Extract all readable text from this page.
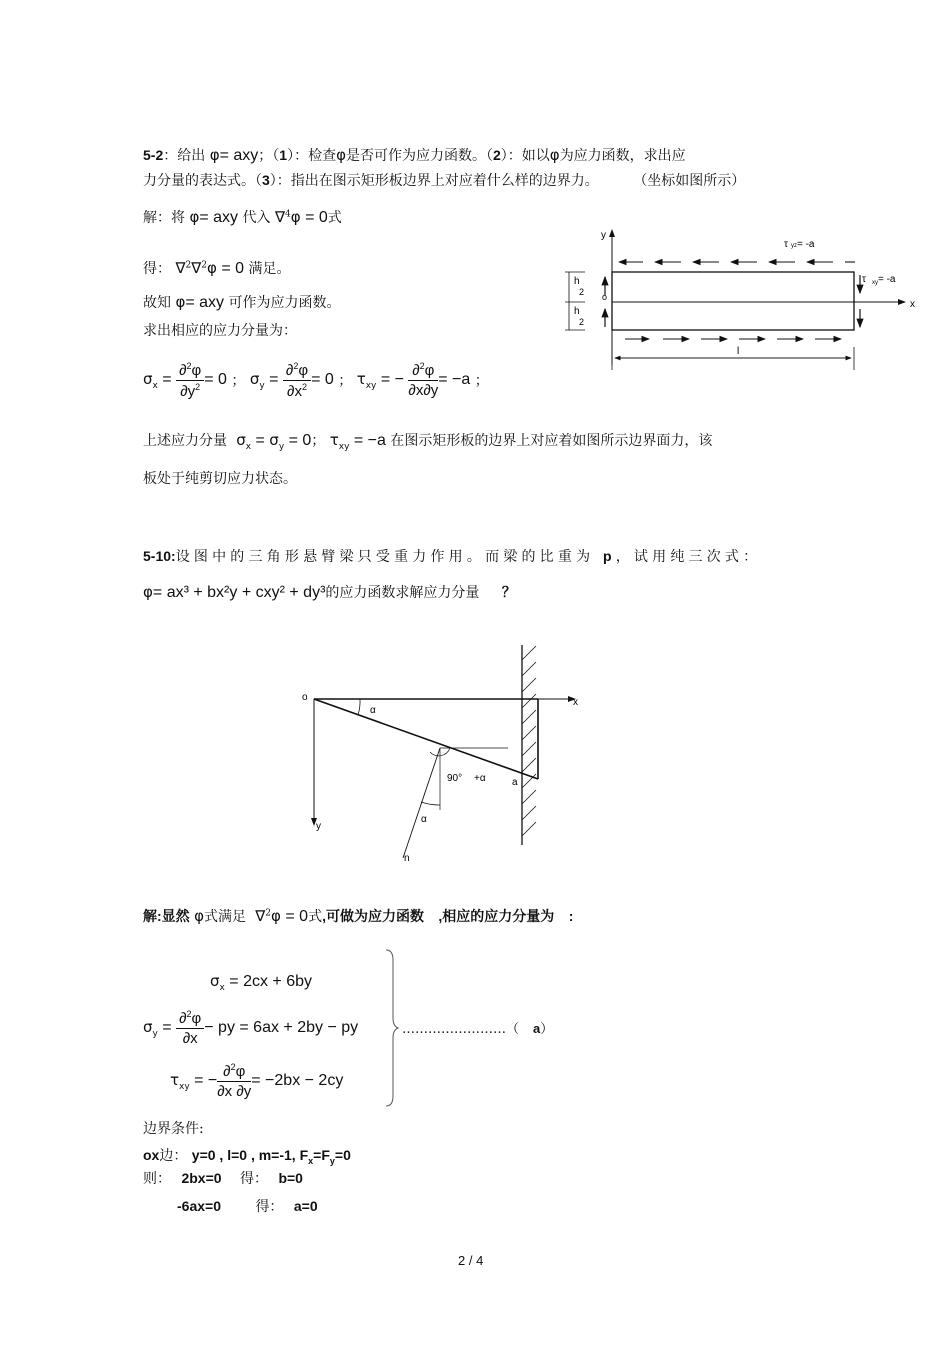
5-2：给出 φ= axy；（1）：检查φ是否可作为应力函数。（2）：如以φ为应力函数，求出应
力分量的表达式。（3）：指出在图示矩形板边界上对应着什么样的边界力。 （坐标如图所示）
解：将 φ= axy 代入 ∇$^4$φ = 0式
得： ∇$^2$∇$^2$φ = 0 满足。
故知 φ= axy 可作为应力函数。
求出相应的应力分量为：
$\sigma_x = \frac{\partial^2\varphi}{\partial y^2} = 0$ ； $\sigma_y = \frac{\partial^2\varphi}{\partial x^2} = 0$ ； $\tau_{xy}$ = − $\frac{\partial^2\varphi}{\partial x\partial y} = -a$ ；
上述应力分量  $\sigma_x = \sigma_y = 0$； $\tau_{xy} = -a$ 在图示矩形板的边界上对应着如图所示边界面力，该
板处于纯剪切应力状态。
y
x
o
h
2
h
2
l
τyz= -a
τ $_{xy}$= -a
5-10:设图中的三角形悬臂梁只受重力作用。而梁的比重为 p，试用纯三次式：
φ= ax³ + bx²y + cxy² + dy³的应力函数求解应力分量 ？
x
y
o
α
90° +α
α
a
n
解:显然 φ式满足  ∇$^2$φ = 0式,可做为应力函数 ,相应的应力分量为 :
$\sigma_x = 2cx + 6by$
$\sigma_y = \frac{\partial^2\varphi}{\partial x}$ − py = 6ax + 2by − py
$\tau_{xy}$ = − $\frac{\partial^2\varphi}{\partial x \partial y} = -2bx - 2cy$
……………………（ a）
边界条件:
ox边： y=0 , l=0 , m=-1, $F_x=F_y=0$
则： 2bx=0 得： b=0
-6ax=0 得： a=0
2 / 4
